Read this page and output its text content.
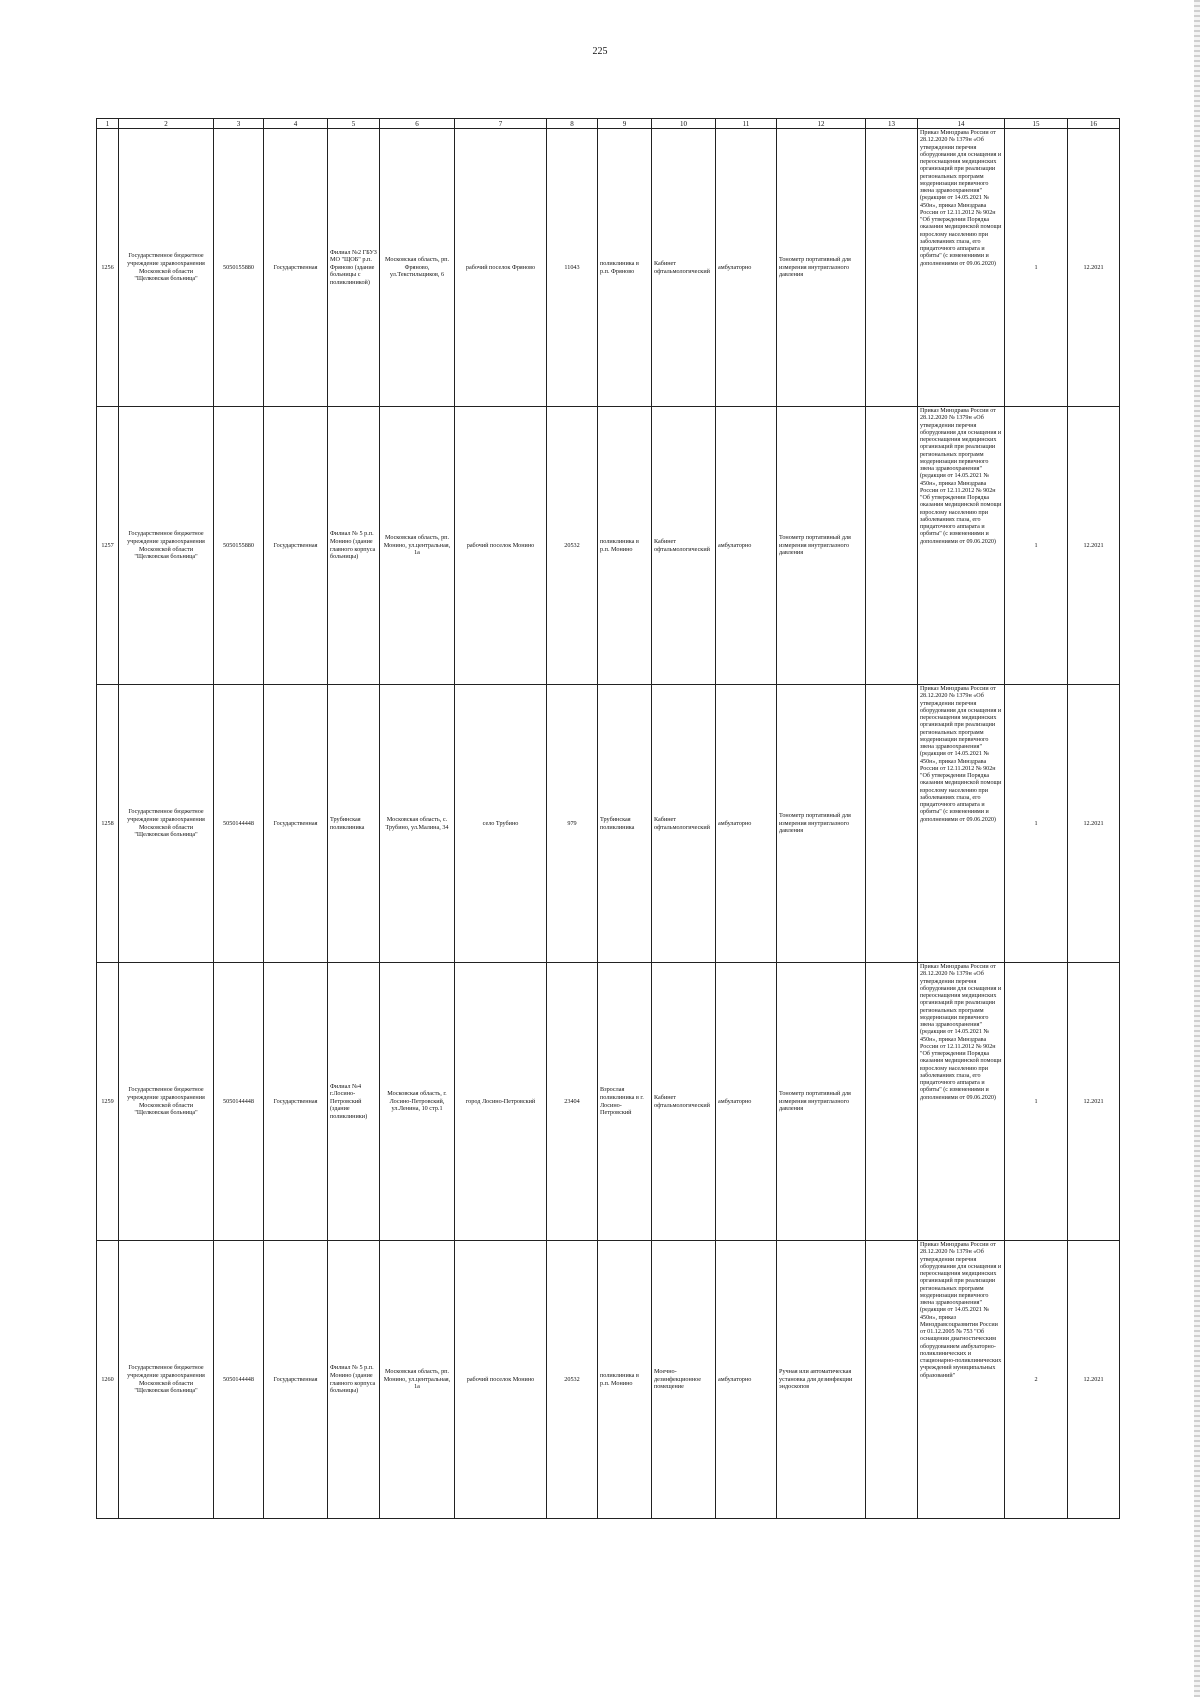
225
1	2	3	4	5	6	7	8	9	10	11	12	13	14	15	16
1256	Государственное бюджетное учреждение здравоохранения Московской области "Щелковская больница"	5050155880	Государственная	Филиал №2 ГБУЗ МО "ЩОБ" р.п. Фряново (здание больницы с поликлиникой)	Московская область, рп. Фряново, ул.Текстильщиков, 6	рабочий поселок Фряново	11043	поликлиника в р.п. Фряново	Кабинет офтальмологический	амбулаторно	Тонометр портативный для измерения внутриглазного давления		Приказ Минздрава России от 28.12.2020 № 1379н «Об утверждении перечня оборудования для оснащения и переоснащения медицинских организаций при реализации региональных программ модернизации первичного звена здравоохранения"(редакция от 14.05.2021 № 450н», приказ Минздрава России от 12.11.2012 № 902н "Об утверждении Порядка оказания медицинской помощи взрослому населению при заболеваниях глаза, его придаточного аппарата и орбиты" (с изменениями и дополнениями от 09.06.2020)	1	12.2021
1257	Государственное бюджетное учреждение здравоохранения Московской области "Щелковская больница"	5050155880	Государственная	Филиал № 5 р.п. Монино (здание главного корпуса больницы)	Московская область, рп. Монино, ул.центральная, 1а	рабочий поселок Монино	20532	поликлиника в р.п. Монино	Кабинет офтальмологический	амбулаторно	Тонометр портативный для измерения внутриглазного давления		Приказ Минздрава России от 28.12.2020 № 1379н «Об утверждении перечня оборудования для оснащения и переоснащения медицинских организаций при реализации региональных программ модернизации первичного звена здравоохранения"(редакция от 14.05.2021 № 450н», приказ Минздрава России от 12.11.2012 № 902н "Об утверждении Порядка оказания медицинской помощи взрослому населению при заболеваниях глаза, его придаточного аппарата и орбиты" (с изменениями и дополнениями от 09.06.2020)	1	12.2021
1258	Государственное бюджетное учреждение здравоохранения Московской области "Щелковская больница"	5050144448	Государственная	Трубинская поликлиника	Московская область, с. Трубино, ул.Малина, 34	село Трубино	979	Трубинская поликлиника	Кабинет офтальмологический	амбулаторно	Тонометр портативный для измерения внутриглазного давления		Приказ Минздрава России от 28.12.2020 № 1379н «Об утверждении перечня оборудования для оснащения и переоснащения медицинских организаций при реализации региональных программ модернизации первичного звена здравоохранения"(редакция от 14.05.2021 № 450н», приказ Минздрава России от 12.11.2012 № 902н "Об утверждении Порядка оказания медицинской помощи взрослому населению при заболеваниях глаза, его придаточного аппарата и орбиты" (с изменениями и дополнениями от 09.06.2020)	1	12.2021
1259	Государственное бюджетное учреждение здравоохранения Московской области "Щелковская больница"	5050144448	Государственная	Филиал №4 г.Лосино-Петровский (здание поликлиники)	Московская область, г. Лосино-Петровский, ул.Ленина, 10 стр.1	город Лосино-Петровский	23404	Взрослая поликлиника в г. Лосино-Петровский	Кабинет офтальмологический	амбулаторно	Тонометр портативный для измерения внутриглазного давления		Приказ Минздрава России от 28.12.2020 № 1379н «Об утверждении перечня оборудования для оснащения и переоснащения медицинских организаций при реализации региональных программ модернизации первичного звена здравоохранения"(редакция от 14.05.2021 № 450н», приказ Минздрава России от 12.11.2012 № 902н "Об утверждении Порядка оказания медицинской помощи взрослому населению при заболеваниях глаза, его придаточного аппарата и орбиты" (с изменениями и дополнениями от 09.06.2020)	1	12.2021
1260	Государственное бюджетное учреждение здравоохранения Московской области "Щелковская больница"	5050144448	Государственная	Филиал № 5 р.п. Монино (здание главного корпуса больницы)	Московская область, рп. Монино, ул.центральная, 1а	рабочий поселок Монино	20532	поликлиника в р.п. Монино	Моечно-дезинфекционное помещение	амбулаторно	Ручная или автоматическая установка для дезинфекции эндоскопов		Приказ Минздрава России от 28.12.2020 № 1379н «Об утверждении перечня оборудования для оснащения и переоснащения медицинских организаций при реализации региональных программ модернизации первичного звена здравоохранения"(редакция от 14.05.2021 № 450н», приказ Минздравсоцразвития России от 01.12.2005 № 753 "Об оснащении диагностическим оборудованием амбулаторно-поликлинических и стационарно-поликлинических учреждений муниципальных образований"	2	12.2021
